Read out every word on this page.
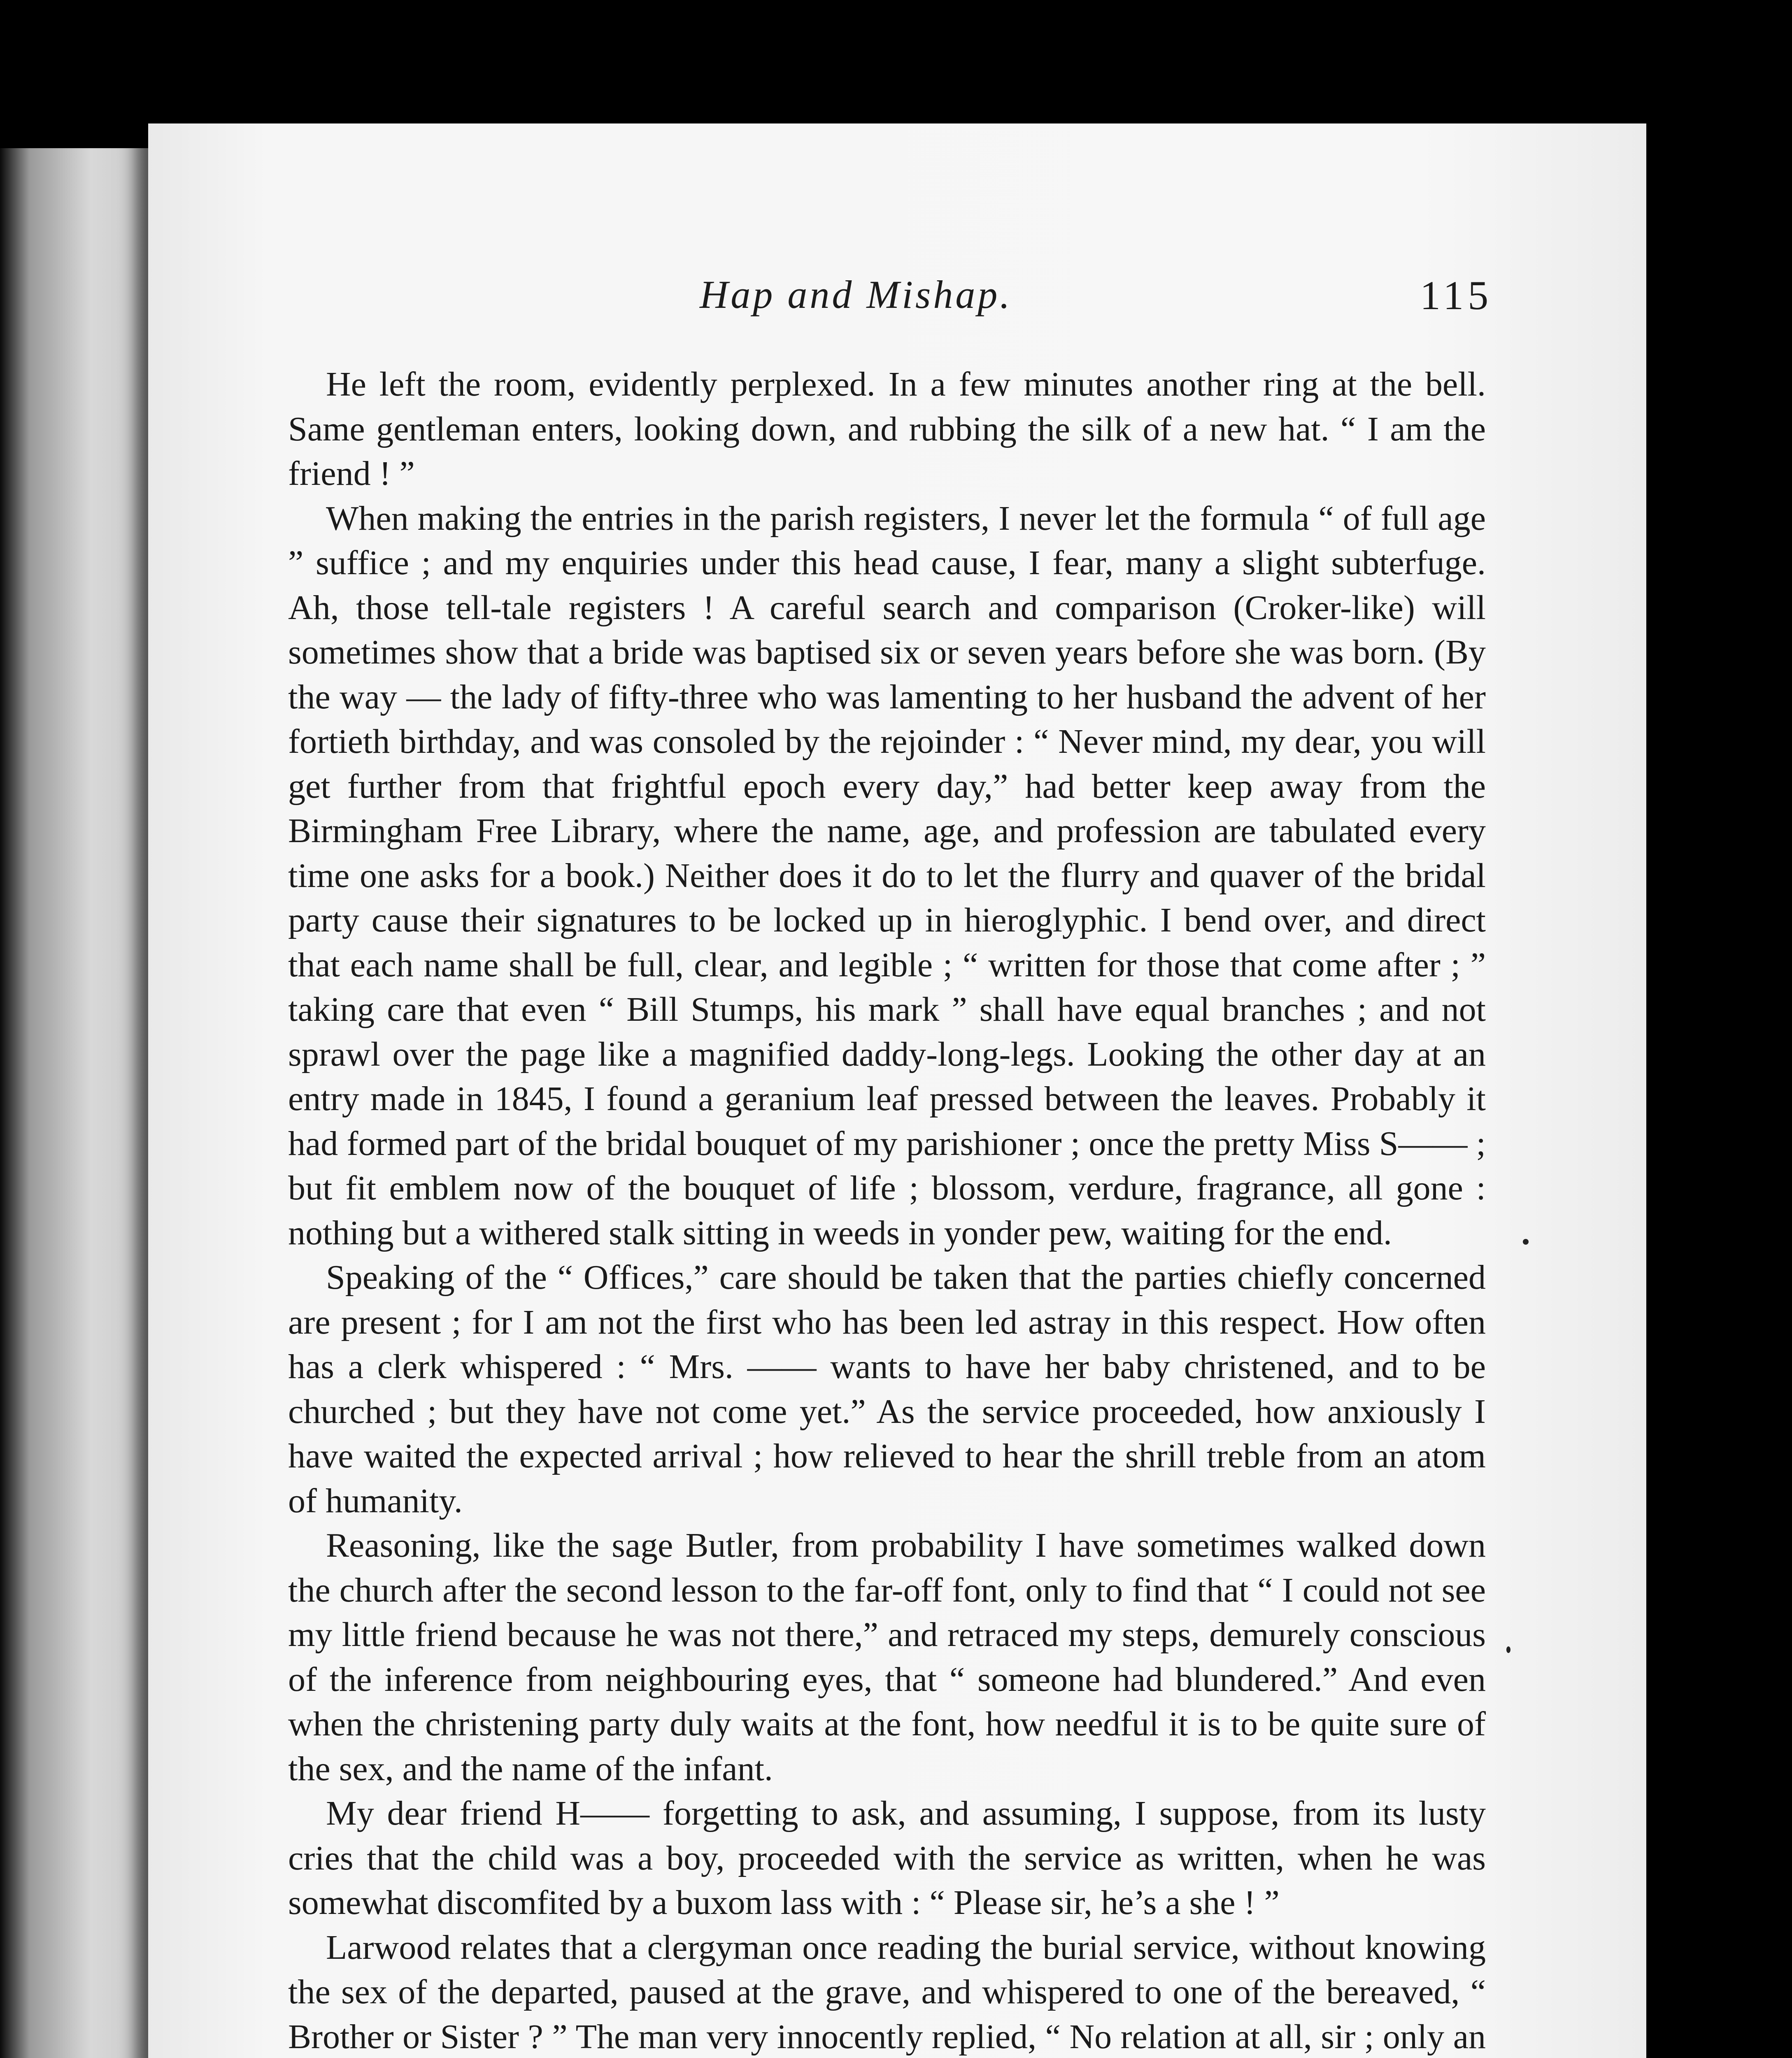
Hap and Mishap.	115

He left the room, evidently perplexed. In a few minutes another ring at the bell. Same gentleman enters, looking down, and rubbing the silk of a new hat. “ I am the friend ! ”

When making the entries in the parish registers, I never let the formula “ of full age ” suffice ; and my enquiries under this head cause, I fear, many a slight subterfuge. Ah, those tell-tale registers ! A careful search and comparison (Croker-like) will sometimes show that a bride was baptised six or seven years before she was born. (By the way — the lady of fifty-three who was lamenting to her husband the advent of her fortieth birthday, and was consoled by the rejoinder : “ Never mind, my dear, you will get further from that frightful epoch every day,” had better keep away from the Birmingham Free Library, where the name, age, and profession are tabulated every time one asks for a book.) Neither does it do to let the flurry and quaver of the bridal party cause their signatures to be locked up in hieroglyphic. I bend over, and direct that each name shall be full, clear, and legible ; “ written for those that come after ; ” taking care that even “ Bill Stumps, his mark ” shall have equal branches ; and not sprawl over the page like a magnified daddy-long-legs. Looking the other day at an entry made in 1845, I found a geranium leaf pressed between the leaves. Probably it had formed part of the bridal bouquet of my parishioner ; once the pretty Miss S—— ; but fit emblem now of the bouquet of life ; blossom, verdure, fragrance, all gone : nothing but a withered stalk sitting in weeds in yonder pew, waiting for the end.

Speaking of the “ Offices,” care should be taken that the parties chiefly concerned are present ; for I am not the first who has been led astray in this respect. How often has a clerk whispered : “ Mrs. —— wants to have her baby christened, and to be churched ; but they have not come yet.” As the service proceeded, how anxiously I have waited the expected arrival ; how relieved to hear the shrill treble from an atom of humanity.

Reasoning, like the sage Butler, from probability I have sometimes walked down the church after the second lesson to the far-off font, only to find that “ I could not see my little friend because he was not there,” and retraced my steps, demurely conscious of the inference from neighbouring eyes, that “ someone had blundered.” And even when the christening party duly waits at the font, how needful it is to be quite sure of the sex, and the name of the infant.

My dear friend H—— forgetting to ask, and assuming, I suppose, from its lusty cries that the child was a boy, proceeded with the service as written, when he was somewhat discomfited by a buxom lass with : “ Please sir, he’s a she ! ”

Larwood relates that a clergyman once reading the burial service, without knowing the sex of the departed, paused at the grave, and whispered to one of the bereaved, “ Brother or Sister ? ” The man very innocently replied, “ No relation at all, sir ; only an
